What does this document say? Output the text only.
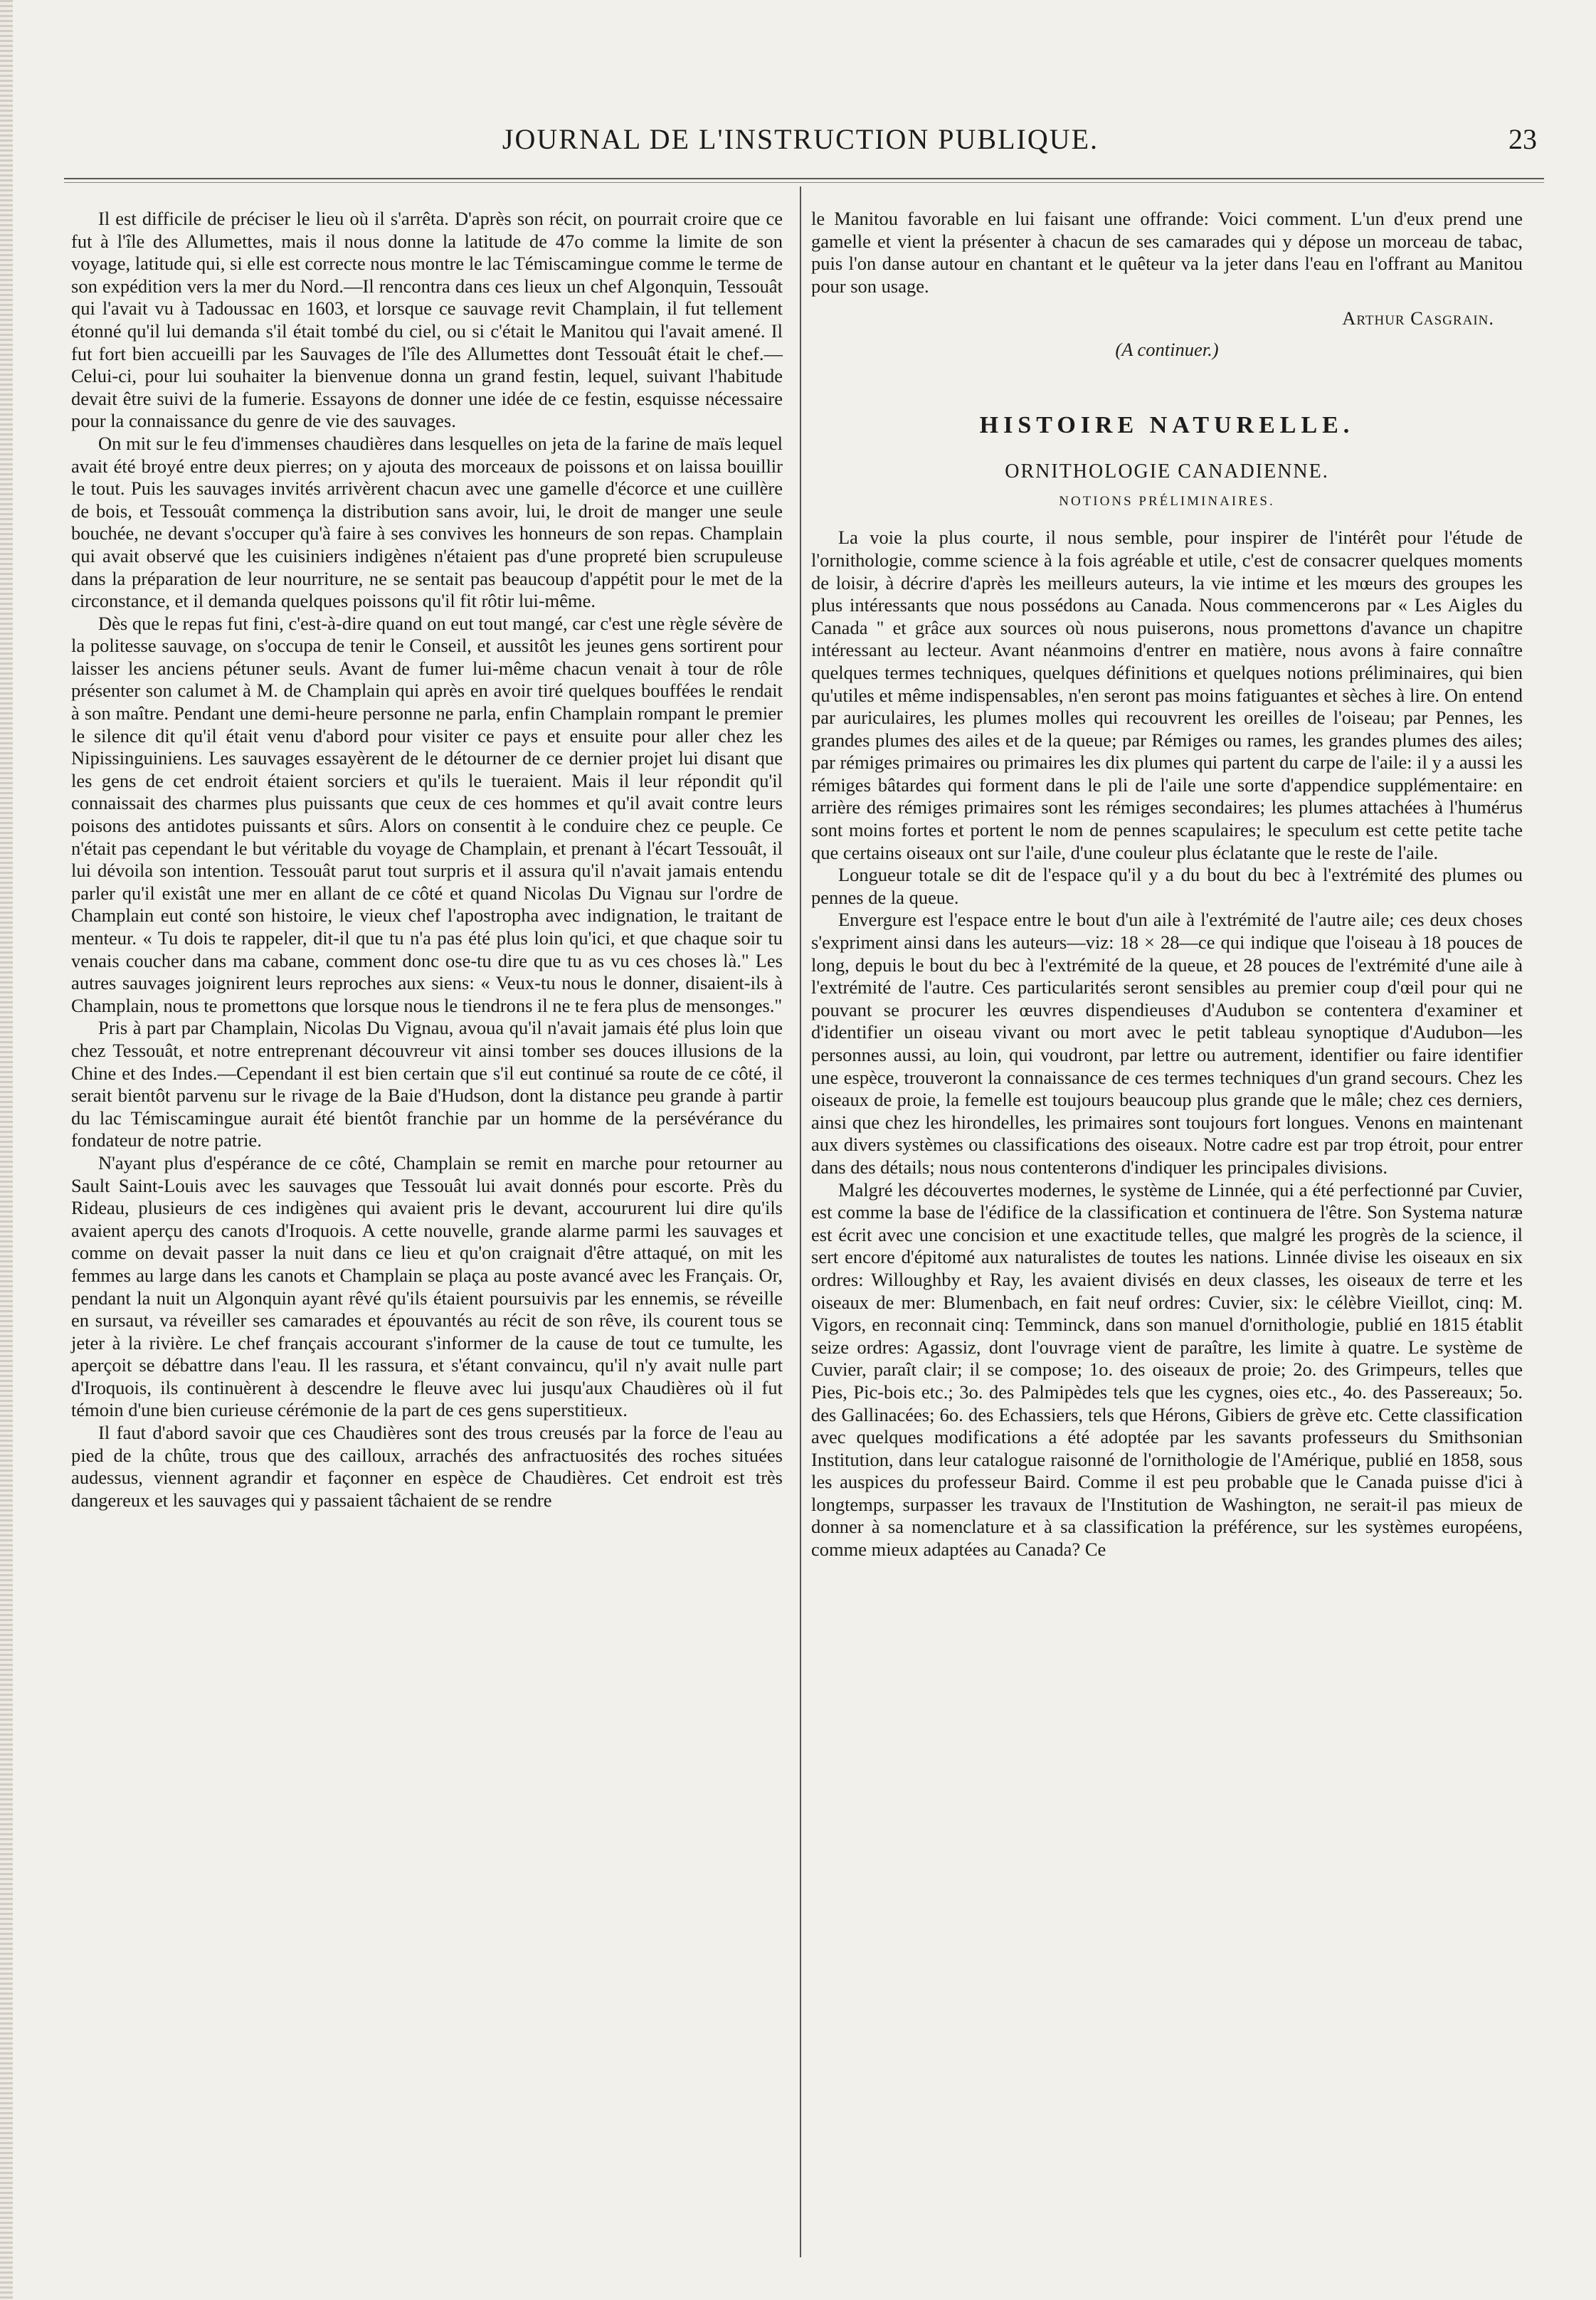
JOURNAL DE L'INSTRUCTION PUBLIQUE.	23

Il est difficile de préciser le lieu où il s'arrêta. D'après son récit, on pourrait croire que ce fut à l'île des Allumettes, mais il nous donne la latitude de 47o comme la limite de son voyage, latitude qui, si elle est correcte nous montre le lac Témiscamingue comme le terme de son expédition vers la mer du Nord.—Il rencontra dans ces lieux un chef Algonquin, Tessouât qui l'avait vu à Tadoussac en 1603, et lorsque ce sauvage revit Champlain, il fut tellement étonné qu'il lui demanda s'il était tombé du ciel, ou si c'était le Manitou qui l'avait amené. Il fut fort bien accueilli par les Sauvages de l'île des Allumettes dont Tessouât était le chef.—Celui-ci, pour lui souhaiter la bienvenue donna un grand festin, lequel, suivant l'habitude devait être suivi de la fumerie. Essayons de donner une idée de ce festin, esquisse nécessaire pour la connaissance du genre de vie des sauvages.

On mit sur le feu d'immenses chaudières dans lesquelles on jeta de la farine de maïs lequel avait été broyé entre deux pierres; on y ajouta des morceaux de poissons et on laissa bouillir le tout. Puis les sauvages invités arrivèrent chacun avec une gamelle d'écorce et une cuillère de bois, et Tessouât commença la distribution sans avoir, lui, le droit de manger une seule bouchée, ne devant s'occuper qu'à faire à ses convives les honneurs de son repas. Champlain qui avait observé que les cuisiniers indigènes n'étaient pas d'une propreté bien scrupuleuse dans la préparation de leur nourriture, ne se sentait pas beaucoup d'appétit pour le met de la circonstance, et il demanda quelques poissons qu'il fit rôtir lui-même.

Dès que le repas fut fini, c'est-à-dire quand on eut tout mangé, car c'est une règle sévère de la politesse sauvage, on s'occupa de tenir le Conseil, et aussitôt les jeunes gens sortirent pour laisser les anciens pétuner seuls. Avant de fumer lui-même chacun venait à tour de rôle présenter son calumet à M. de Champlain qui après en avoir tiré quelques bouffées le rendait à son maître. Pendant une demi-heure personne ne parla, enfin Champlain rompant le premier le silence dit qu'il était venu d'abord pour visiter ce pays et ensuite pour aller chez les Nipissinguiniens. Les sauvages essayèrent de le détourner de ce dernier projet lui disant que les gens de cet endroit étaient sorciers et qu'ils le tueraient. Mais il leur répondit qu'il connaissait des charmes plus puissants que ceux de ces hommes et qu'il avait contre leurs poisons des antidotes puissants et sûrs. Alors on consentit à le conduire chez ce peuple. Ce n'était pas cependant le but véritable du voyage de Champlain, et prenant à l'écart Tessouât, il lui dévoila son intention. Tessouât parut tout surpris et il assura qu'il n'avait jamais entendu parler qu'il existât une mer en allant de ce côté et quand Nicolas Du Vignau sur l'ordre de Champlain eut conté son histoire, le vieux chef l'apostropha avec indignation, le traitant de menteur. « Tu dois te rappeler, dit-il que tu n'a pas été plus loin qu'ici, et que chaque soir tu venais coucher dans ma cabane, comment donc ose-tu dire que tu as vu ces choses là." Les autres sauvages joignirent leurs reproches aux siens: « Veux-tu nous le donner, disaient-ils à Champlain, nous te promettons que lorsque nous le tiendrons il ne te fera plus de mensonges."

Pris à part par Champlain, Nicolas Du Vignau, avoua qu'il n'avait jamais été plus loin que chez Tessouât, et notre entreprenant découvreur vit ainsi tomber ses douces illusions de la Chine et des Indes.—Cependant il est bien certain que s'il eut continué sa route de ce côté, il serait bientôt parvenu sur le rivage de la Baie d'Hudson, dont la distance peu grande à partir du lac Témiscamingue aurait été bientôt franchie par un homme de la persévérance du fondateur de notre patrie.

N'ayant plus d'espérance de ce côté, Champlain se remit en marche pour retourner au Sault Saint-Louis avec les sauvages que Tessouât lui avait donnés pour escorte. Près du Rideau, plusieurs de ces indigènes qui avaient pris le devant, accoururent lui dire qu'ils avaient aperçu des canots d'Iroquois. A cette nouvelle, grande alarme parmi les sauvages et comme on devait passer la nuit dans ce lieu et qu'on craignait d'être attaqué, on mit les femmes au large dans les canots et Champlain se plaça au poste avancé avec les Français. Or, pendant la nuit un Algonquin ayant rêvé qu'ils étaient poursuivis par les ennemis, se réveille en sursaut, va réveiller ses camarades et épouvantés au récit de son rêve, ils courent tous se jeter à la rivière. Le chef français accourant s'informer de la cause de tout ce tumulte, les aperçoit se débattre dans l'eau. Il les rassura, et s'étant convaincu, qu'il n'y avait nulle part d'Iroquois, ils continuèrent à descendre le fleuve avec lui jusqu'aux Chaudières où il fut témoin d'une bien curieuse cérémonie de la part de ces gens superstitieux.

Il faut d'abord savoir que ces Chaudières sont des trous creusés par la force de l'eau au pied de la chûte, trous que des cailloux, arrachés des anfractuosités des roches situées audessus, viennent agrandir et façonner en espèce de Chaudières. Cet endroit est très dangereux et les sauvages qui y passaient tâchaient de se rendre

le Manitou favorable en lui faisant une offrande: Voici comment. L'un d'eux prend une gamelle et vient la présenter à chacun de ses camarades qui y dépose un morceau de tabac, puis l'on danse autour en chantant et le quêteur va la jeter dans l'eau en l'offrant au Manitou pour son usage.

Arthur Casgrain.
(A continuer.)
HISTOIRE NATURELLE.
ORNITHOLOGIE CANADIENNE.
NOTIONS PRÉLIMINAIRES.

La voie la plus courte, il nous semble, pour inspirer de l'intérêt pour l'étude de l'ornithologie, comme science à la fois agréable et utile, c'est de consacrer quelques moments de loisir, à décrire d'après les meilleurs auteurs, la vie intime et les mœurs des groupes les plus intéressants que nous possédons au Canada. Nous commencerons par « Les Aigles du Canada " et grâce aux sources où nous puiserons, nous promettons d'avance un chapitre intéressant au lecteur. Avant néanmoins d'entrer en matière, nous avons à faire connaître quelques termes techniques, quelques définitions et quelques notions préliminaires, qui bien qu'utiles et même indispensables, n'en seront pas moins fatiguantes et sèches à lire. On entend par auriculaires, les plumes molles qui recouvrent les oreilles de l'oiseau; par Pennes, les grandes plumes des ailes et de la queue; par Rémiges ou rames, les grandes plumes des ailes; par rémiges primaires ou primaires les dix plumes qui partent du carpe de l'aile: il y a aussi les rémiges bâtardes qui forment dans le pli de l'aile une sorte d'appendice supplémentaire: en arrière des rémiges primaires sont les rémiges secondaires; les plumes attachées à l'humérus sont moins fortes et portent le nom de pennes scapulaires; le speculum est cette petite tache que certains oiseaux ont sur l'aile, d'une couleur plus éclatante que le reste de l'aile.

Longueur totale se dit de l'espace qu'il y a du bout du bec à l'extrémité des plumes ou pennes de la queue.

Envergure est l'espace entre le bout d'un aile à l'extrémité de l'autre aile; ces deux choses s'expriment ainsi dans les auteurs—viz: 18 × 28—ce qui indique que l'oiseau à 18 pouces de long, depuis le bout du bec à l'extrémité de la queue, et 28 pouces de l'extrémité d'une aile à l'extrémité de l'autre. Ces particularités seront sensibles au premier coup d'œil pour qui ne pouvant se procurer les œuvres dispendieuses d'Audubon se contentera d'examiner et d'identifier un oiseau vivant ou mort avec le petit tableau synoptique d'Audubon—les personnes aussi, au loin, qui voudront, par lettre ou autrement, identifier ou faire identifier une espèce, trouveront la connaissance de ces termes techniques d'un grand secours. Chez les oiseaux de proie, la femelle est toujours beaucoup plus grande que le mâle; chez ces derniers, ainsi que chez les hirondelles, les primaires sont toujours fort longues. Venons en maintenant aux divers systèmes ou classifications des oiseaux. Notre cadre est par trop étroit, pour entrer dans des détails; nous nous contenterons d'indiquer les principales divisions.

Malgré les découvertes modernes, le système de Linnée, qui a été perfectionné par Cuvier, est comme la base de l'édifice de la classification et continuera de l'être. Son Systema naturæ est écrit avec une concision et une exactitude telles, que malgré les progrès de la science, il sert encore d'épitomé aux naturalistes de toutes les nations. Linnée divise les oiseaux en six ordres: Willoughby et Ray, les avaient divisés en deux classes, les oiseaux de terre et les oiseaux de mer: Blumenbach, en fait neuf ordres: Cuvier, six: le célèbre Vieillot, cinq: M. Vigors, en reconnait cinq: Temminck, dans son manuel d'ornithologie, publié en 1815 établit seize ordres: Agassiz, dont l'ouvrage vient de paraître, les limite à quatre. Le système de Cuvier, paraît clair; il se compose; 1o. des oiseaux de proie; 2o. des Grimpeurs, telles que Pies, Pic-bois etc.; 3o. des Palmipèdes tels que les cygnes, oies etc., 4o. des Passereaux; 5o. des Gallinacées; 6o. des Echassiers, tels que Hérons, Gibiers de grève etc. Cette classification avec quelques modifications a été adoptée par les savants professeurs du Smithsonian Institution, dans leur catalogue raisonné de l'ornithologie de l'Amérique, publié en 1858, sous les auspices du professeur Baird. Comme il est peu probable que le Canada puisse d'ici à longtemps, surpasser les travaux de l'Institution de Washington, ne serait-il pas mieux de donner à sa nomenclature et à sa classification la préférence, sur les systèmes européens, comme mieux adaptées au Canada? Ce
